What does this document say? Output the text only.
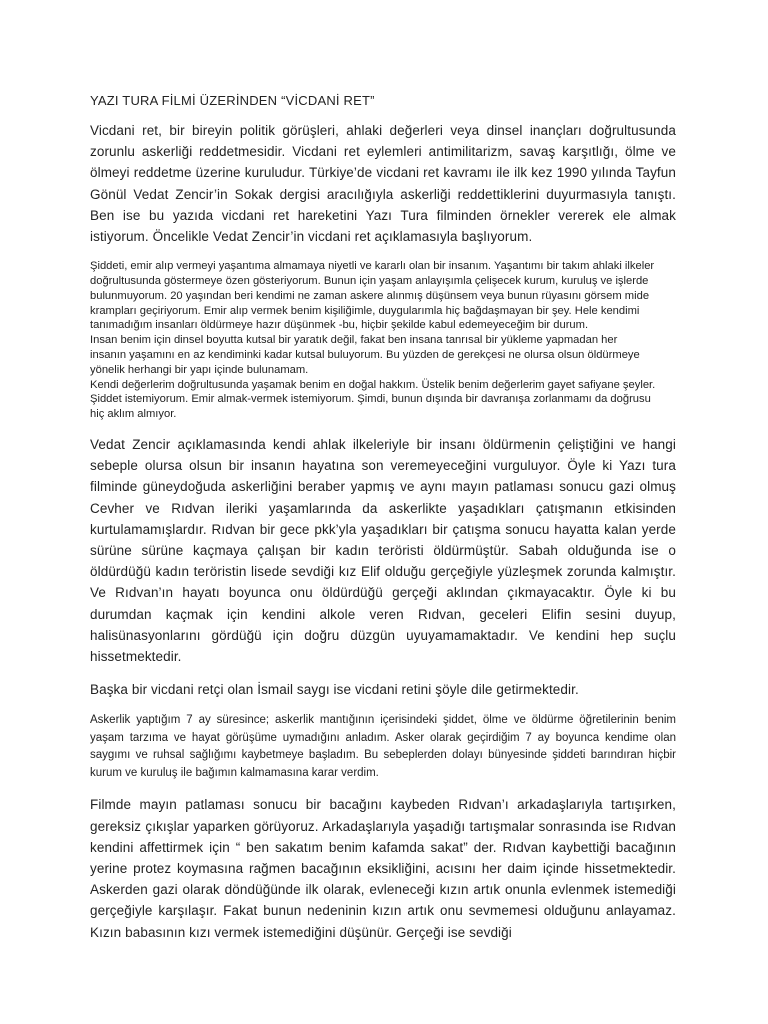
YAZI TURA FİLMİ ÜZERİNDEN “VİCDANİ RET”

Vicdani ret, bir bireyin politik görüşleri, ahlaki değerleri veya dinsel inançları doğrultusunda zorunlu askerliği reddetmesidir. Vicdani ret eylemleri antimilitarizm, savaş karşıtlığı, ölme ve ölmeyi reddetme üzerine kuruludur. Türkiye’de vicdani ret kavramı ile ilk kez 1990 yılında Tayfun Gönül Vedat Zencir’in Sokak dergisi aracılığıyla askerliği reddettiklerini duyurmasıyla tanıştı. Ben ise bu yazıda vicdani ret hareketini Yazı Tura filminden örnekler vererek ele almak istiyorum. Öncelikle Vedat Zencir’in vicdani ret açıklamasıyla başlıyorum.

Şiddeti, emir alıp vermeyi yaşantıma almamaya niyetli ve kararlı olan bir insanım. Yaşantımı bir takım ahlaki ilkeler
doğrultusunda göstermeye özen gösteriyorum. Bunun için yaşam anlayışımla çelişecek kurum, kuruluş ve işlerde
bulunmuyorum. 20 yaşından beri kendimi ne zaman askere alınmış düşünsem veya bunun rüyasını görsem mide
krampları geçiriyorum. Emir alıp vermek benim kişiliğimle, duygularımla hiç bağdaşmayan bir şey. Hele kendimi
tanımadığım insanları öldürmeye hazır düşünmek -bu, hiçbir şekilde kabul edemeyeceğim bir durum.
Insan benim için dinsel boyutta kutsal bir yaratık değil, fakat ben insana tanrısal bir yükleme yapmadan her
insanın yaşamını en az kendiminki kadar kutsal buluyorum. Bu yüzden de gerekçesi ne olursa olsun öldürmeye
yönelik herhangi bir yapı içinde bulunamam.
Kendi değerlerim doğrultusunda yaşamak benim en doğal hakkım. Üstelik benim değerlerim gayet safiyane şeyler.
Şiddet istemiyorum. Emir almak-vermek istemiyorum. Şimdi, bunun dışında bir davranışa zorlanmamı da doğrusu
hiç aklım almıyor.

Vedat Zencir açıklamasında kendi ahlak ilkeleriyle bir insanı öldürmenin çeliştiğini ve hangi sebeple olursa olsun bir insanın hayatına son veremeyeceğini vurguluyor. Öyle ki Yazı tura filminde güneydoğuda askerliğini beraber yapmış ve aynı mayın patlaması sonucu gazi olmuş Cevher ve Rıdvan ileriki yaşamlarında da askerlikte yaşadıkları çatışmanın etkisinden kurtulamamışlardır. Rıdvan bir gece pkk’yla yaşadıkları bir çatışma sonucu hayatta kalan yerde sürüne sürüne kaçmaya çalışan bir kadın teröristi öldürmüştür. Sabah olduğunda ise o öldürdüğü kadın teröristin lisede sevdiği kız Elif olduğu gerçeğiyle yüzleşmek zorunda kalmıştır. Ve Rıdvan’ın hayatı boyunca onu öldürdüğü gerçeği aklından çıkmayacaktır. Öyle ki bu durumdan kaçmak için kendini alkole veren Rıdvan, geceleri Elifin sesini duyup, halisünasyonlarını gördüğü için doğru düzgün uyuyamamaktadır. Ve kendini hep suçlu hissetmektedir.

Başka bir vicdani retçi olan İsmail saygı ise vicdani retini şöyle dile getirmektedir.

Askerlik yaptığım 7 ay süresince; askerlik mantığının içerisindeki şiddet, ölme ve öldürme öğretilerinin benim yaşam tarzıma ve hayat görüşüme uymadığını anladım. Asker olarak geçirdiğim 7 ay boyunca kendime olan saygımı ve ruhsal sağlığımı kaybetmeye başladım. Bu sebeplerden dolayı bünyesinde şiddeti barındıran hiçbir kurum ve kuruluş ile bağımın kalmamasına karar verdim.

Filmde mayın patlaması sonucu bir bacağını kaybeden Rıdvan’ı arkadaşlarıyla tartışırken, gereksiz çıkışlar yaparken görüyoruz. Arkadaşlarıyla yaşadığı tartışmalar sonrasında ise Rıdvan kendini affettirmek için “ ben sakatım benim kafamda sakat” der. Rıdvan kaybettiği bacağının yerine protez koymasına rağmen bacağının eksikliğini, acısını her daim içinde hissetmektedir. Askerden gazi olarak döndüğünde ilk olarak, evleneceği kızın artık onunla evlenmek istemediği gerçeğiyle karşılaşır. Fakat bunun nedeninin kızın artık onu sevmemesi olduğunu anlayamaz. Kızın babasının kızı vermek istemediğini düşünür. Gerçeği ise sevdiği
